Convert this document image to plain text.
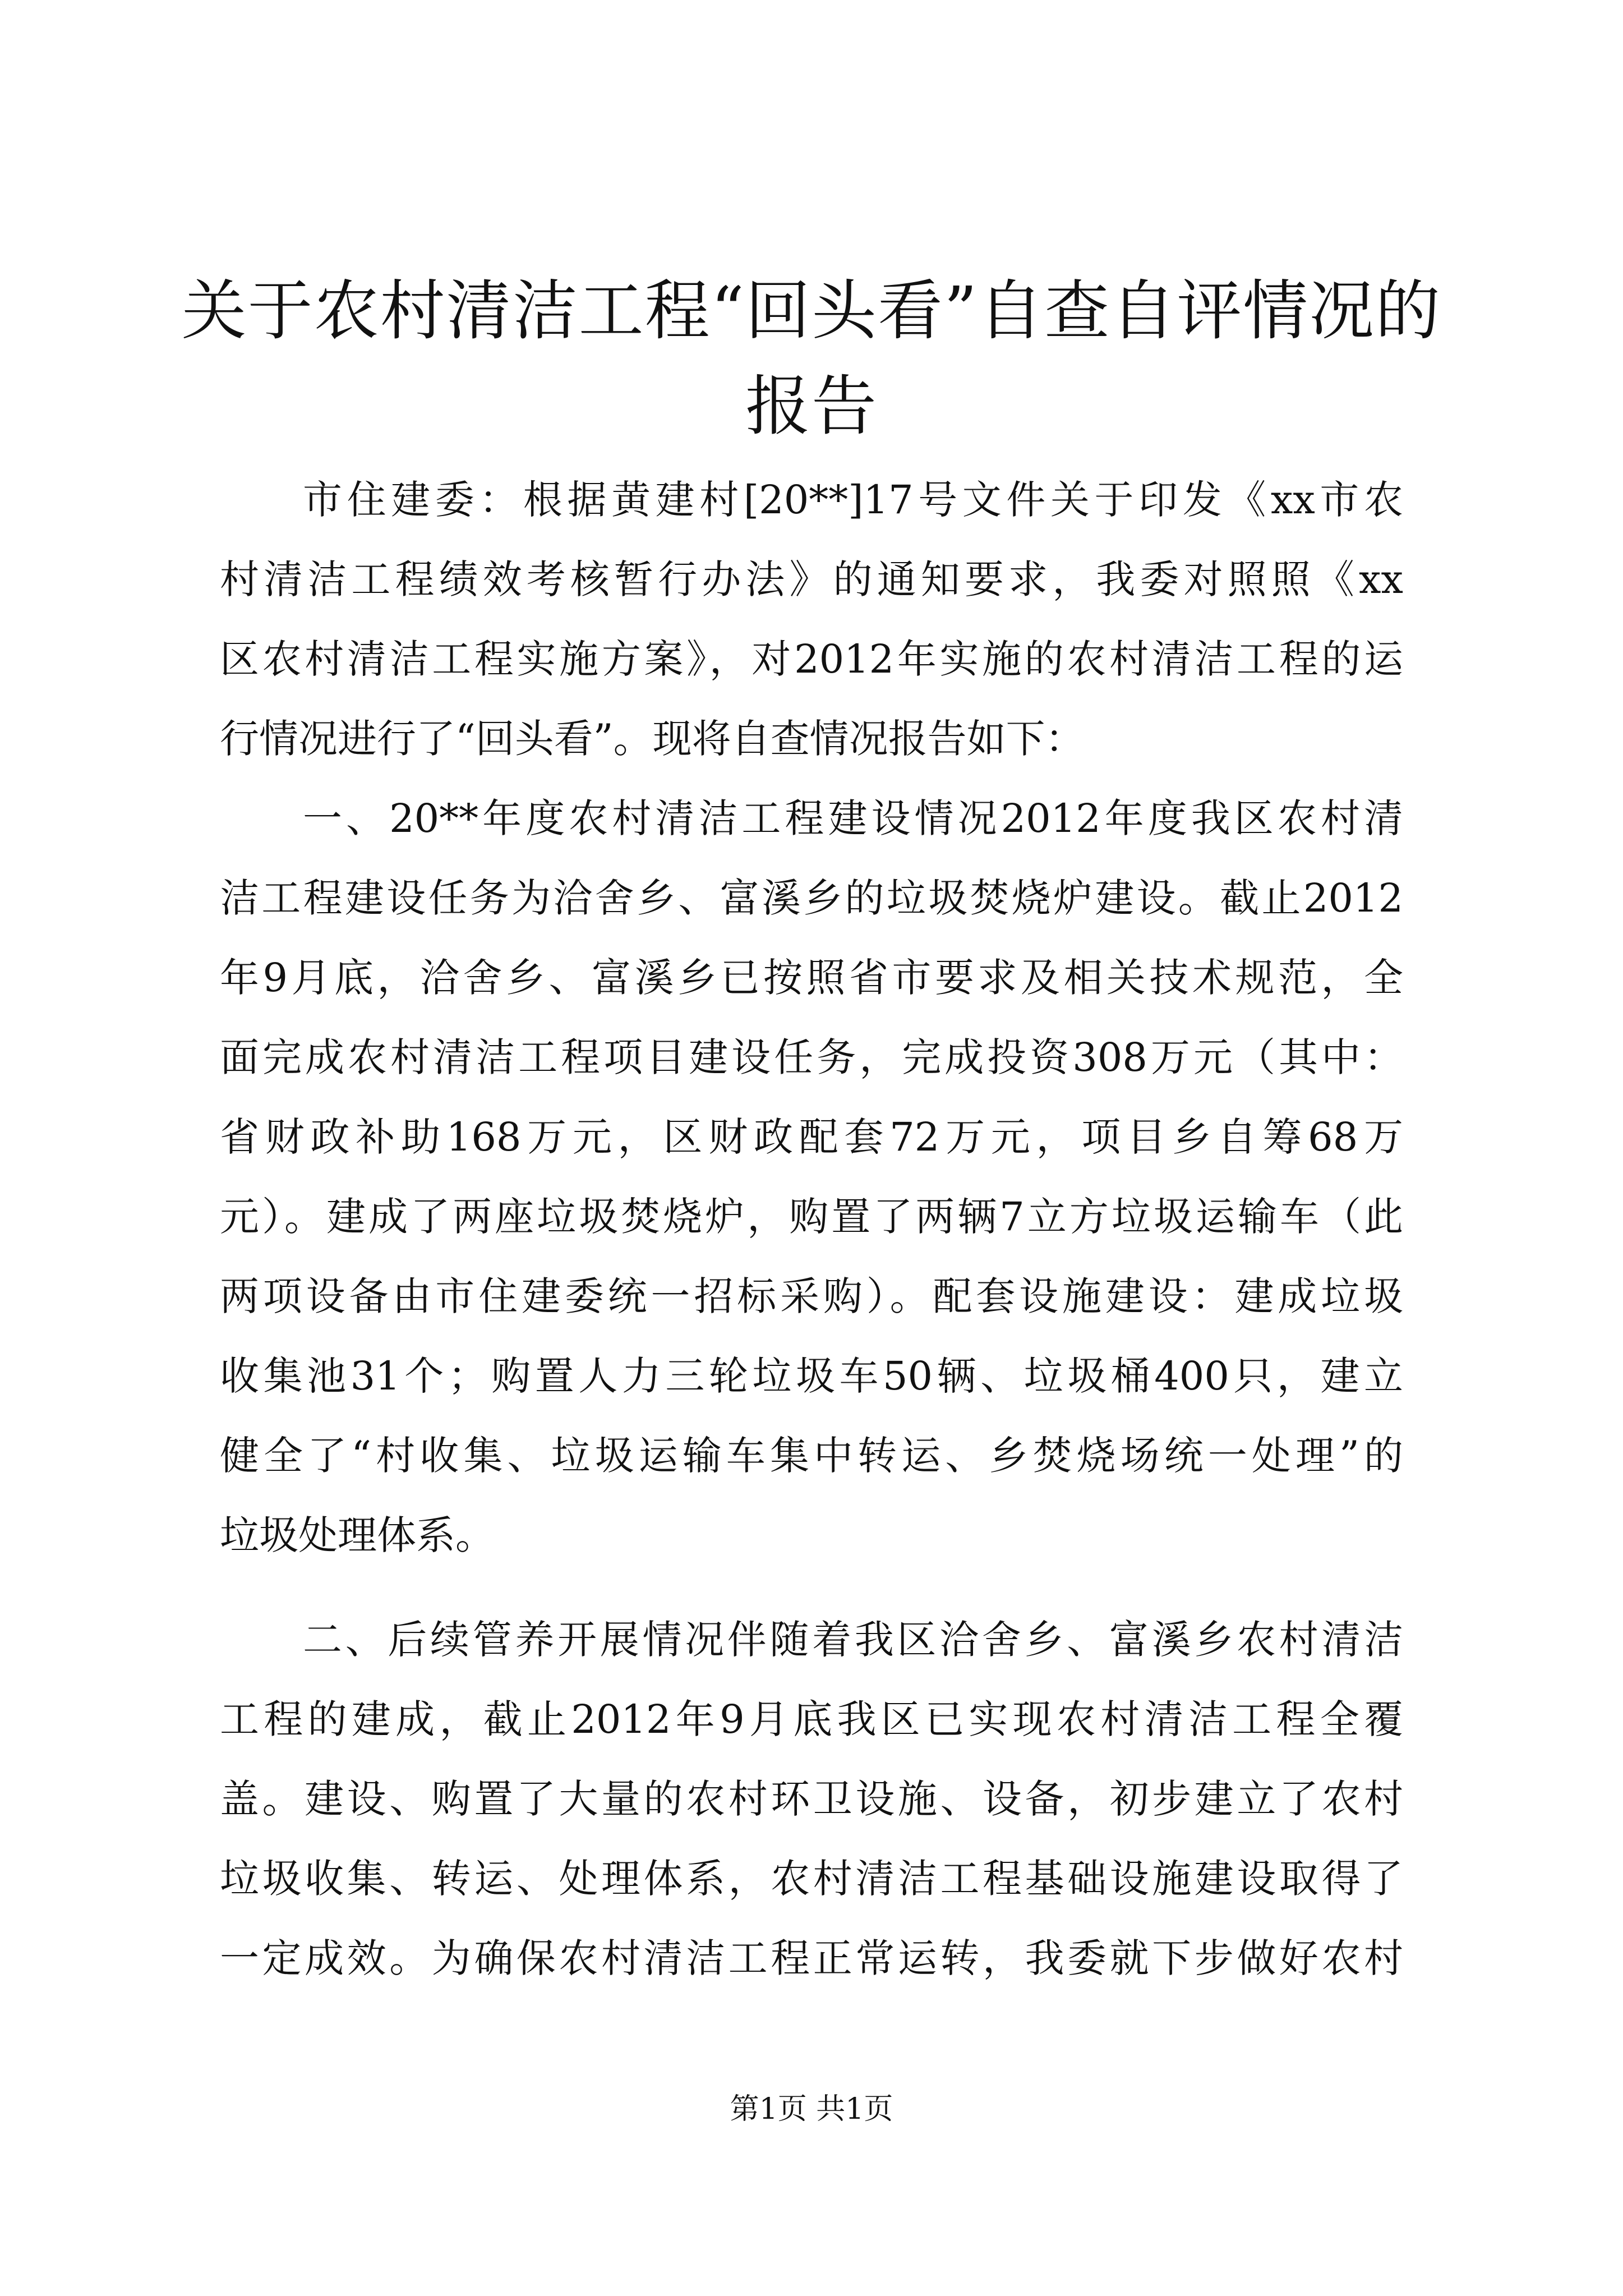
关于农村清洁工程“回头看”自查自评情况的
报告
市住建委：根据黄建村[20**]17号文件关于印发《xx市农
村清洁工程绩效考核暂行办法》的通知要求，我委对照照《xx
区农村清洁工程实施方案》，对2012年实施的农村清洁工程的运
行情况进行了“回头看”。现将自查情况报告如下：
一、20**年度农村清洁工程建设情况2012年度我区农村清
洁工程建设任务为洽舍乡、富溪乡的垃圾焚烧炉建设。截止2012
年9月底，洽舍乡、富溪乡已按照省市要求及相关技术规范，全
面完成农村清洁工程项目建设任务，完成投资308万元（其中：
省财政补助168万元，区财政配套72万元，项目乡自筹68万
元）。建成了两座垃圾焚烧炉，购置了两辆7立方垃圾运输车（此
两项设备由市住建委统一招标采购）。配套设施建设：建成垃圾
收集池31个；购置人力三轮垃圾车50辆、垃圾桶400只，建立
健全了“村收集、垃圾运输车集中转运、乡焚烧场统一处理”的
垃圾处理体系。
二、后续管养开展情况伴随着我区洽舍乡、富溪乡农村清洁
工程的建成，截止2012年9月底我区已实现农村清洁工程全覆
盖。建设、购置了大量的农村环卫设施、设备，初步建立了农村
垃圾收集、转运、处理体系，农村清洁工程基础设施建设取得了
一定成效。为确保农村清洁工程正常运转，我委就下步做好农村
第1页 共1页
